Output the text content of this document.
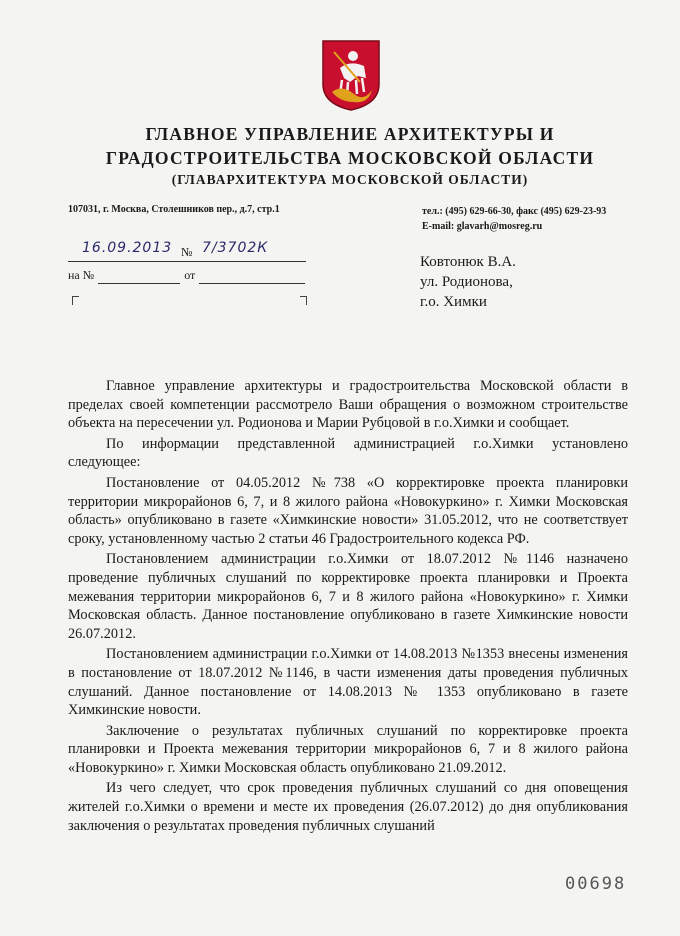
ГЛАВНОЕ УПРАВЛЕНИЕ АРХИТЕКТУРЫ И
ГРАДОСТРОИТЕЛЬСТВА МОСКОВСКОЙ ОБЛАСТИ
(ГЛАВАРХИТЕКТУРА МОСКОВСКОЙ ОБЛАСТИ)
107031, г. Москва, Столешников пер., д.7, стр.1	тел.: (495) 629-66-30, факс (495) 629-23-93
E-mail: glavarh@mosreg.ru
16.09.2013 № 7/3702К
на №	от
Ковтонюк В.А.
ул. Родионова,
г.о. Химки

Главное управление архитектуры и градостроительства Московской области в пределах своей компетенции рассмотрело Ваши обращения о возможном строительстве объекта на пересечении ул. Родионова и Марии Рубцовой в г.о.Химки и сообщает.

По информации представленной администрацией г.о.Химки установлено следующее:

Постановление от 04.05.2012 №738 «О корректировке проекта планировки территории микрорайонов 6, 7, и 8 жилого района «Новокуркино» г. Химки Московская область» опубликовано в газете «Химкинские новости» 31.05.2012, что не соответствует сроку, установленному частью 2 статьи 46 Градостроительного кодекса РФ.

Постановлением администрации г.о.Химки от 18.07.2012 №1146 назначено проведение публичных слушаний по корректировке проекта планировки и Проекта межевания территории микрорайонов 6, 7 и 8 жилого района «Новокуркино» г. Химки Московская область. Данное постановление опубликовано в газете Химкинские новости 26.07.2012.

Постановлением администрации г.о.Химки от 14.08.2013 №1353 внесены изменения в постановление от 18.07.2012 №1146, в части изменения даты проведения публичных слушаний. Данное постановление от 14.08.2013 № 1353 опубликовано в газете Химкинские новости.

Заключение о результатах публичных слушаний по корректировке проекта планировки и Проекта межевания территории микрорайонов 6, 7 и 8 жилого района «Новокуркино» г. Химки Московская область опубликовано 21.09.2012.

Из чего следует, что срок проведения публичных слушаний со дня оповещения жителей г.о.Химки о времени и месте их проведения (26.07.2012) до дня опубликования заключения о результатах проведения публичных слушаний

00698
